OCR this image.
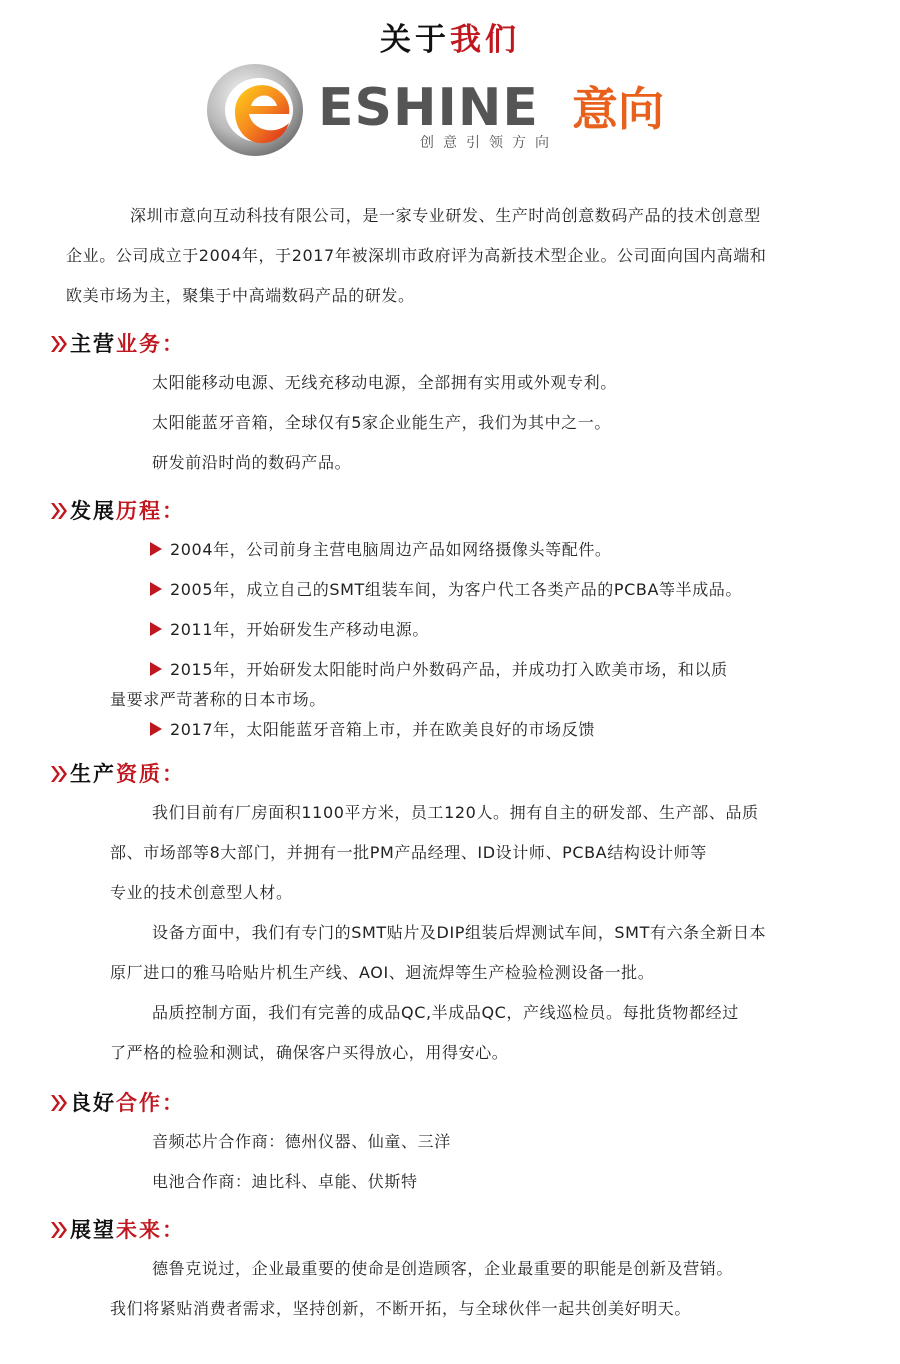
关于我们
ESHINE 意向
创意引领方向
深圳市意向互动科技有限公司，是一家专业研发、生产时尚创意数码产品的技术创意型
企业。公司成立于2004年，于2017年被深圳市政府评为高新技术型企业。公司面向国内高端和
欧美市场为主，聚集于中高端数码产品的研发。
主营业务：
太阳能移动电源、无线充移动电源，全部拥有实用或外观专利。
太阳能蓝牙音箱，全球仅有5家企业能生产，我们为其中之一。
研发前沿时尚的数码产品。
发展历程：
2004年，公司前身主营电脑周边产品如网络摄像头等配件。
2005年，成立自己的SMT组装车间，为客户代工各类产品的PCBA等半成品。
2011年，开始研发生产移动电源。
2015年，开始研发太阳能时尚户外数码产品，并成功打入欧美市场，和以质
量要求严苛著称的日本市场。
2017年，太阳能蓝牙音箱上市，并在欧美良好的市场反馈
生产资质：
我们目前有厂房面积1100平方米，员工120人。拥有自主的研发部、生产部、品质
部、市场部等8大部门，并拥有一批PM产品经理、ID设计师、PCBA结构设计师等
专业的技术创意型人材。
设备方面中，我们有专门的SMT贴片及DIP组装后焊测试车间，SMT有六条全新日本
原厂进口的雅马哈贴片机生产线、AOI、迴流焊等生产检验检测设备一批。
品质控制方面，我们有完善的成品QC,半成品QC，产线巡检员。每批货物都经过
了严格的检验和测试，确保客户买得放心，用得安心。
良好合作：
音频芯片合作商：德州仪器、仙童、三洋
电池合作商：迪比科、卓能、伏斯特
展望未来：
德鲁克说过，企业最重要的使命是创造顾客，企业最重要的职能是创新及营销。
我们将紧贴消费者需求，坚持创新，不断开拓，与全球伙伴一起共创美好明天。
